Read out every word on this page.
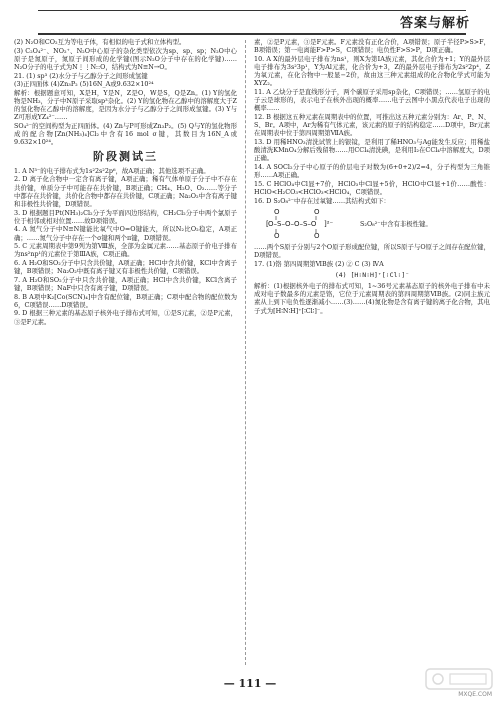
答案与解析

(2) N₂O和CO₂互为等电子体，有相似的电子式和立体构型。

(3) C₂O₄²⁻、NO₂⁺、N₂O中心原子的杂化类型依次为sp、sp、sp；N₂O中心原子是氮原子，氮原子间形成的化学键(图示N₂O分子中存在的化学键)……N₂O分子的电子式为N⋮⋮N::O，结构式为N≡N→O。

21. (1) sp³ (2)水分子与乙醇分子之间形成氢键

(3)正四面体 (4)Zn₃P₂ (5)16N_A或9.632×10²⁴

解析：根据题意可知，X是H，Y是N，Z是O，W是S，Q是Zn。(1) Y的氢化物是NH₃，分子中N原子采取sp³杂化。(2) Y的氢化物在乙醇中的溶解度大于Z的氢化物在乙醇中的溶解度，是因为水分子与乙醇分子之间形成氢键。(3) Y与Z可形成YZ₄²⁻……

SO₄²⁻的空间构型为正四面体。(4) Zn与P可形成Zn₃P₂。(5) Q与Y的氢化物形成的配合物[Zn(NH₃)₄]Cl₂中含有16 mol σ键，其数目为16N_A或9.632×10²⁴。

阶段测试三

1. A N³⁻的电子排布式为1s²2s²2p⁶，故A项正确；其他选项不正确。

2. D 离子化合物中一定含有离子键，A项正确；稀有气体单原子分子中不存在共价键，单质分子中可能存在共价键，B项正确；CH₄、H₂O、O₂……等分子中都存在共价键，共价化合物中都存在共价键，C项正确；Na₂O₂中含有离子键和非极性共价键，D项错误。

3. D 根据题目Pt(NH₃)₂Cl₂分子为平面四边形结构，CH₂Cl₂分子中两个氯原子位于相邻或相对位置……故D项错误。

4. A 氮气分子中N≡N键能比氧气中O=O键能大，所以N₂比O₂稳定，A项正确；……氮气分子中存在一个σ键和两个π键，D项错误。

5. C 元素周期表中第9列为第Ⅷ族，全部为金属元素……基态原子价电子排布为ns²np¹的元素位于第ⅢA族，C项正确。

6. A H₂O和SO₂分子中只含共价键，A项正确；HCl中含共价键，KCl中含离子键，B项错误；Na₂O₂中既有离子键又有非极性共价键，C项错误。

7. A H₂O和SO₂分子中只含共价键，A项正确；HCl中含共价键，KCl含离子键，B项错误；NaF中只含有离子键，D项错误。

8. B A项中K₂[Co(SCN)₄]中含有配位键，B项正确；C项中配合物的配位数为6，C项错误……D项错误。

9. D 根据三种元素的基态原子核外电子排布式可知，①是S元素，②是P元素，③是F元素。

素，②是P元素，③是F元素。F元素没有正化合价，A项错误；原子半径P>S>F，B项错误；第一电离能F>P>S，C项错误；电负性F>S>P，D项正确。

10. A X的最外层电子排布为ns¹，则X为第ⅠA族元素，其化合价为+1；Y的最外层电子排布为3s²3p¹，Y为Al元素，化合价为+3，Z的最外层电子排布为2s²2p⁴，Z为氧元素，在化合物中一般显−2价，故由这三种元素组成的化合物化学式可能为XYZ₂。

11. A 乙炔分子是直线形分子，两个碳原子采用sp杂化，C项错误；……氢原子的电子云是球形的，表示电子在核外出现的概率……电子云图中小黑点代表电子出现的概率……

12. B 根据这五种元素在周期表中的位置，可推出这五种元素分别为：Ar、P、N、S、Br。A项中，Ar为稀有气体元素，该元素的原子的结构稳定……D项中，Br元素在周期表中位于第四周期第ⅦA族。

13. D 用稀HNO₃清洗试管上的银镜，是利用了稀HNO₃与Ag能发生反应；用稀盐酸清洗KMnO₄分解后残留物……用CCl₄清洗碘，是利用I₂在CCl₄中溶解度大，D项正确。

14. A SOCl₂分子中心原子的价层电子对数为(6+0+2)/2=4，分子构型为三角锥形……A项正确。

15. C HClO₄中Cl显+7价，HClO₃中Cl显+5价，HClO中Cl显+1价……酸性：HClO<H₂CO₃<HClO₃<HClO₄，C项错误。

16. D S₂O₈²⁻中存在过氧键……其结构式如下：

[
O
O
O–S–O–O–S–O
O
O
]²⁻	S₂O₈²⁻中含有非极性键。

……两个S原子分别与2个O原子形成配位键，所以S原子与O原子之间存在配位键，D项错误。

17. (1)铬 第四周期第ⅥB族 (2) ② C (3) ⅣA

(4) [H∶N∶H]⁺[∶Cl∶]⁻

解析：(1)根据核外电子的排布式可知，1~36号元素基态原子的核外电子排布中未成对电子数最多的元素是铬，它位于元素周期表的第四周期第ⅥB族。(2)同主族元素从上到下电负性逐渐减小……(3)……(4)氮化物是含有离子键的离子化合物，其电子式为[H∶N∶H]⁺[∶Cl∶]⁻。

— 111 —
MXQE.COM
